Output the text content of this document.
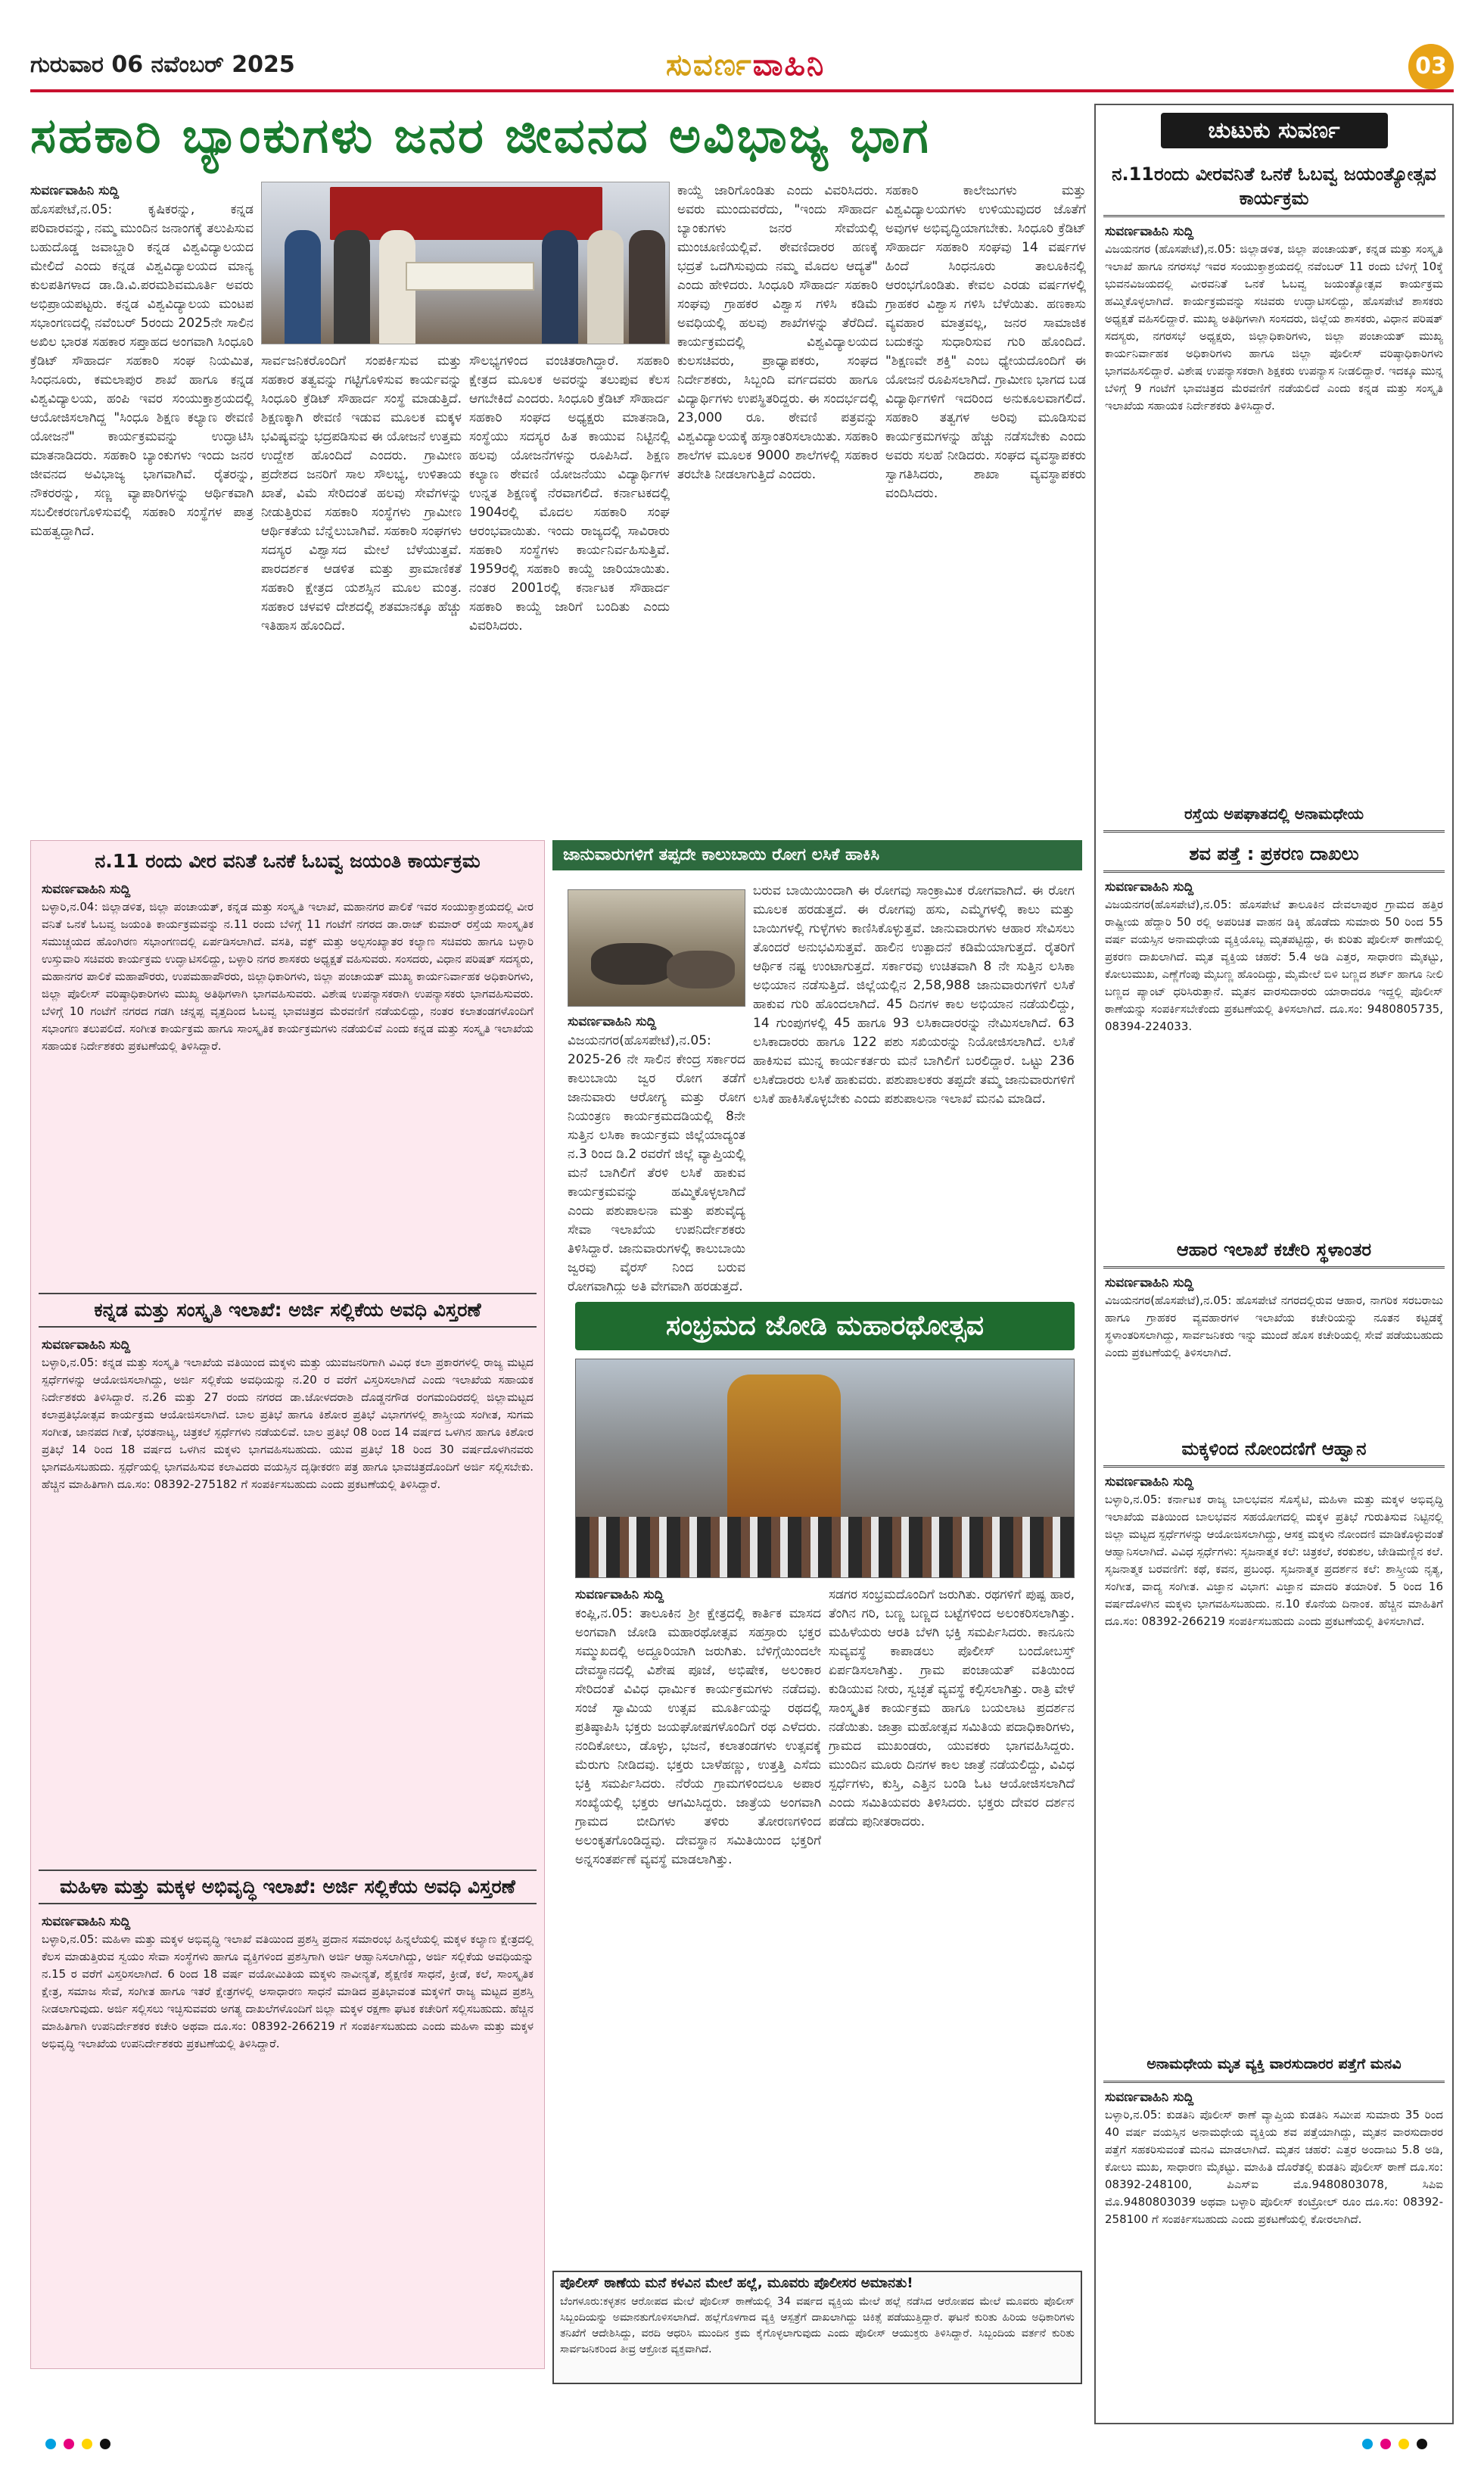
ಗುರುವಾರ 06 ನವೆಂಬರ್ 2025	ಸುವರ್ಣವಾಹಿನಿ	03
ಸಹಕಾರಿ ಬ್ಯಾಂಕುಗಳು ಜನರ ಜೀವನದ ಅವಿಭಾಜ್ಯ ಭಾಗ
ಸುವರ್ಣವಾಹಿನಿ ಸುದ್ದಿ
ಹೊಸಪೇಟೆ,ನ.05: ಕೃಷಿಕರನ್ನು, ಕನ್ನಡ ಪರಿವಾರವನ್ನು, ನಮ್ಮ ಮುಂದಿನ ಜನಾಂಗಕ್ಕೆ ತಲುಪಿಸುವ ಬಹುದೊಡ್ಡ ಜವಾಬ್ದಾರಿ ಕನ್ನಡ ವಿಶ್ವವಿದ್ಯಾಲಯದ ಮೇಲಿದೆ ಎಂದು ಕನ್ನಡ ವಿಶ್ವವಿದ್ಯಾಲಯದ ಮಾನ್ಯ ಕುಲಪತಿಗಳಾದ ಡಾ.ಡಿ.ವಿ.ಪರಮಶಿವಮೂರ್ತಿ ಅವರು ಅಭಿಪ್ರಾಯಪಟ್ಟರು. ಕನ್ನಡ ವಿಶ್ವವಿದ್ಯಾಲಯ ಮಂಟಪ ಸಭಾಂಗಣದಲ್ಲಿ ನವೆಂಬರ್ 5ರಂದು 2025ನೇ ಸಾಲಿನ ಅಖಿಲ ಭಾರತ ಸಹಕಾರ ಸಪ್ತಾಹದ ಅಂಗವಾಗಿ ಸಿಂಧೂರಿ ಕ್ರೆಡಿಟ್ ಸೌಹಾರ್ದ ಸಹಕಾರಿ ಸಂಘ ನಿಯಮಿತ, ಸಿಂಧನೂರು, ಕಮಲಾಪುರ ಶಾಖೆ ಹಾಗೂ ಕನ್ನಡ ವಿಶ್ವವಿದ್ಯಾಲಯ, ಹಂಪಿ ಇವರ ಸಂಯುಕ್ತಾಶ್ರಯದಲ್ಲಿ ಆಯೋಜಿಸಲಾಗಿದ್ದ "ಸಿಂಧೂ ಶಿಕ್ಷಣ ಕಲ್ಯಾಣ ಠೇವಣಿ ಯೋಜನೆ" ಕಾರ್ಯಕ್ರಮವನ್ನು ಉದ್ಘಾಟಿಸಿ ಮಾತನಾಡಿದರು. ಸಹಕಾರಿ ಬ್ಯಾಂಕುಗಳು ಇಂದು ಜನರ ಜೀವನದ ಅವಿಭಾಜ್ಯ ಭಾಗವಾಗಿವೆ. ರೈತರನ್ನು, ನೌಕರರನ್ನು, ಸಣ್ಣ ವ್ಯಾಪಾರಿಗಳನ್ನು ಆರ್ಥಿಕವಾಗಿ ಸಬಲೀಕರಣಗೊಳಿಸುವಲ್ಲಿ ಸಹಕಾರಿ ಸಂಸ್ಥೆಗಳ ಪಾತ್ರ ಮಹತ್ವದ್ದಾಗಿದೆ.
ಸಾರ್ವಜನಿಕರೊಂದಿಗೆ ಸಂಪರ್ಕಿಸುವ ಮತ್ತು ಸಹಕಾರ ತತ್ವವನ್ನು ಗಟ್ಟಿಗೊಳಿಸುವ ಕಾರ್ಯವನ್ನು ಸಿಂಧೂರಿ ಕ್ರೆಡಿಟ್ ಸೌಹಾರ್ದ ಸಂಸ್ಥೆ ಮಾಡುತ್ತಿದೆ. ಶಿಕ್ಷಣಕ್ಕಾಗಿ ಠೇವಣಿ ಇಡುವ ಮೂಲಕ ಮಕ್ಕಳ ಭವಿಷ್ಯವನ್ನು ಭದ್ರಪಡಿಸುವ ಈ ಯೋಜನೆ ಉತ್ತಮ ಉದ್ದೇಶ ಹೊಂದಿದೆ ಎಂದರು. ಗ್ರಾಮೀಣ ಪ್ರದೇಶದ ಜನರಿಗೆ ಸಾಲ ಸೌಲಭ್ಯ, ಉಳಿತಾಯ ಖಾತೆ, ವಿಮೆ ಸೇರಿದಂತೆ ಹಲವು ಸೇವೆಗಳನ್ನು ನೀಡುತ್ತಿರುವ ಸಹಕಾರಿ ಸಂಸ್ಥೆಗಳು ಗ್ರಾಮೀಣ ಆರ್ಥಿಕತೆಯ ಬೆನ್ನೆಲುಬಾಗಿವೆ. ಸಹಕಾರಿ ಸಂಘಗಳು ಸದಸ್ಯರ ವಿಶ್ವಾಸದ ಮೇಲೆ ಬೆಳೆಯುತ್ತವೆ. ಪಾರದರ್ಶಕ ಆಡಳಿತ ಮತ್ತು ಪ್ರಾಮಾಣಿಕತೆ ಸಹಕಾರಿ ಕ್ಷೇತ್ರದ ಯಶಸ್ಸಿನ ಮೂಲ ಮಂತ್ರ. ಸಹಕಾರ ಚಳವಳಿ ದೇಶದಲ್ಲಿ ಶತಮಾನಕ್ಕೂ ಹೆಚ್ಚು ಇತಿಹಾಸ ಹೊಂದಿದೆ.
ಸೌಲಭ್ಯಗಳಿಂದ ವಂಚಿತರಾಗಿದ್ದಾರೆ. ಸಹಕಾರಿ ಕ್ಷೇತ್ರದ ಮೂಲಕ ಅವರನ್ನು ತಲುಪುವ ಕೆಲಸ ಆಗಬೇಕಿದೆ ಎಂದರು. ಸಿಂಧೂರಿ ಕ್ರೆಡಿಟ್ ಸೌಹಾರ್ದ ಸಹಕಾರಿ ಸಂಘದ ಅಧ್ಯಕ್ಷರು ಮಾತನಾಡಿ, ಸಂಸ್ಥೆಯು ಸದಸ್ಯರ ಹಿತ ಕಾಯುವ ನಿಟ್ಟಿನಲ್ಲಿ ಹಲವು ಯೋಜನೆಗಳನ್ನು ರೂಪಿಸಿದೆ. ಶಿಕ್ಷಣ ಕಲ್ಯಾಣ ಠೇವಣಿ ಯೋಜನೆಯು ವಿದ್ಯಾರ್ಥಿಗಳ ಉನ್ನತ ಶಿಕ್ಷಣಕ್ಕೆ ನೆರವಾಗಲಿದೆ. ಕರ್ನಾಟಕದಲ್ಲಿ 1904ರಲ್ಲಿ ಮೊದಲ ಸಹಕಾರಿ ಸಂಘ ಆರಂಭವಾಯಿತು. ಇಂದು ರಾಜ್ಯದಲ್ಲಿ ಸಾವಿರಾರು ಸಹಕಾರಿ ಸಂಸ್ಥೆಗಳು ಕಾರ್ಯನಿರ್ವಹಿಸುತ್ತಿವೆ. 1959ರಲ್ಲಿ ಸಹಕಾರಿ ಕಾಯ್ದೆ ಜಾರಿಯಾಯಿತು. ನಂತರ 2001ರಲ್ಲಿ ಕರ್ನಾಟಕ ಸೌಹಾರ್ದ ಸಹಕಾರಿ ಕಾಯ್ದೆ ಜಾರಿಗೆ ಬಂದಿತು ಎಂದು ವಿವರಿಸಿದರು.
ಕಾಯ್ದೆ ಜಾರಿಗೊಂಡಿತು ಎಂದು ವಿವರಿಸಿದರು. ಅವರು ಮುಂದುವರೆದು, "ಇಂದು ಸೌಹಾರ್ದ ಬ್ಯಾಂಕುಗಳು ಜನರ ಸೇವೆಯಲ್ಲಿ ಮುಂಚೂಣಿಯಲ್ಲಿವೆ. ಠೇವಣಿದಾರರ ಹಣಕ್ಕೆ ಭದ್ರತೆ ಒದಗಿಸುವುದು ನಮ್ಮ ಮೊದಲ ಆದ್ಯತೆ" ಎಂದು ಹೇಳಿದರು. ಸಿಂಧೂರಿ ಸೌಹಾರ್ದ ಸಹಕಾರಿ ಸಂಘವು ಗ್ರಾಹಕರ ವಿಶ್ವಾಸ ಗಳಿಸಿ ಕಡಿಮೆ ಅವಧಿಯಲ್ಲಿ ಹಲವು ಶಾಖೆಗಳನ್ನು ತೆರೆದಿದೆ. ಕಾರ್ಯಕ್ರಮದಲ್ಲಿ ವಿಶ್ವವಿದ್ಯಾಲಯದ ಕುಲಸಚಿವರು, ಪ್ರಾಧ್ಯಾಪಕರು, ಸಂಘದ ನಿರ್ದೇಶಕರು, ಸಿಬ್ಬಂದಿ ವರ್ಗದವರು ಹಾಗೂ ವಿದ್ಯಾರ್ಥಿಗಳು ಉಪಸ್ಥಿತರಿದ್ದರು. ಈ ಸಂದರ್ಭದಲ್ಲಿ 23,000 ರೂ. ಠೇವಣಿ ಪತ್ರವನ್ನು ವಿಶ್ವವಿದ್ಯಾಲಯಕ್ಕೆ ಹಸ್ತಾಂತರಿಸಲಾಯಿತು. ಸಹಕಾರಿ ಶಾಲೆಗಳ ಮೂಲಕ 9000 ಶಾಲೆಗಳಲ್ಲಿ ಸಹಕಾರ ತರಬೇತಿ ನೀಡಲಾಗುತ್ತಿದೆ ಎಂದರು.
ಸಹಕಾರಿ ಕಾಲೇಜುಗಳು ಮತ್ತು ವಿಶ್ವವಿದ್ಯಾಲಯಗಳು ಉಳಿಯುವುದರ ಜೊತೆಗೆ ಅವುಗಳ ಅಭಿವೃದ್ಧಿಯಾಗಬೇಕು. ಸಿಂಧೂರಿ ಕ್ರೆಡಿಟ್ ಸೌಹಾರ್ದ ಸಹಕಾರಿ ಸಂಘವು 14 ವರ್ಷಗಳ ಹಿಂದೆ ಸಿಂಧನೂರು ತಾಲೂಕಿನಲ್ಲಿ ಆರಂಭಗೊಂಡಿತು. ಕೇವಲ ಎರಡು ವರ್ಷಗಳಲ್ಲಿ ಗ್ರಾಹಕರ ವಿಶ್ವಾಸ ಗಳಿಸಿ ಬೆಳೆಯಿತು. ಹಣಕಾಸು ವ್ಯವಹಾರ ಮಾತ್ರವಲ್ಲ, ಜನರ ಸಾಮಾಜಿಕ ಬದುಕನ್ನು ಸುಧಾರಿಸುವ ಗುರಿ ಹೊಂದಿದೆ. "ಶಿಕ್ಷಣವೇ ಶಕ್ತಿ" ಎಂಬ ಧ್ಯೇಯದೊಂದಿಗೆ ಈ ಯೋಜನೆ ರೂಪಿಸಲಾಗಿದೆ. ಗ್ರಾಮೀಣ ಭಾಗದ ಬಡ ವಿದ್ಯಾರ್ಥಿಗಳಿಗೆ ಇದರಿಂದ ಅನುಕೂಲವಾಗಲಿದೆ. ಸಹಕಾರಿ ತತ್ವಗಳ ಅರಿವು ಮೂಡಿಸುವ ಕಾರ್ಯಕ್ರಮಗಳನ್ನು ಹೆಚ್ಚು ನಡೆಸಬೇಕು ಎಂದು ಅವರು ಸಲಹೆ ನೀಡಿದರು. ಸಂಘದ ವ್ಯವಸ್ಥಾಪಕರು ಸ್ವಾಗತಿಸಿದರು, ಶಾಖಾ ವ್ಯವಸ್ಥಾಪಕರು ವಂದಿಸಿದರು.
ಚುಟುಕು ಸುವರ್ಣ
ನ.11ರಂದು ವೀರವನಿತೆ ಒನಕೆ ಓಬವ್ವ ಜಯಂತ್ಯೋತ್ಸವ ಕಾರ್ಯಕ್ರಮ
ಸುವರ್ಣವಾಹಿನಿ ಸುದ್ದಿ
ವಿಜಯನಗರ (ಹೊಸಪೇಟೆ),ನ.05: ಜಿಲ್ಲಾಡಳಿತ, ಜಿಲ್ಲಾ ಪಂಚಾಯತ್, ಕನ್ನಡ ಮತ್ತು ಸಂಸ್ಕೃತಿ ಇಲಾಖೆ ಹಾಗೂ ನಗರಸಭೆ ಇವರ ಸಂಯುಕ್ತಾಶ್ರಯದಲ್ಲಿ ನವೆಂಬರ್ 11 ರಂದು ಬೆಳಿಗ್ಗೆ 10ಕ್ಕೆ ಭುವನವಿಜಯದಲ್ಲಿ ವೀರವನಿತೆ ಒನಕೆ ಓಬವ್ವ ಜಯಂತ್ಯೋತ್ಸವ ಕಾರ್ಯಕ್ರಮ ಹಮ್ಮಿಕೊಳ್ಳಲಾಗಿದೆ. ಕಾರ್ಯಕ್ರಮವನ್ನು ಸಚಿವರು ಉದ್ಘಾಟಿಸಲಿದ್ದು, ಹೊಸಪೇಟೆ ಶಾಸಕರು ಅಧ್ಯಕ್ಷತೆ ವಹಿಸಲಿದ್ದಾರೆ. ಮುಖ್ಯ ಅತಿಥಿಗಳಾಗಿ ಸಂಸದರು, ಜಿಲ್ಲೆಯ ಶಾಸಕರು, ವಿಧಾನ ಪರಿಷತ್ ಸದಸ್ಯರು, ನಗರಸಭೆ ಅಧ್ಯಕ್ಷರು, ಜಿಲ್ಲಾಧಿಕಾರಿಗಳು, ಜಿಲ್ಲಾ ಪಂಚಾಯತ್ ಮುಖ್ಯ ಕಾರ್ಯನಿರ್ವಾಹಕ ಅಧಿಕಾರಿಗಳು ಹಾಗೂ ಜಿಲ್ಲಾ ಪೊಲೀಸ್ ವರಿಷ್ಠಾಧಿಕಾರಿಗಳು ಭಾಗವಹಿಸಲಿದ್ದಾರೆ. ವಿಶೇಷ ಉಪನ್ಯಾಸಕರಾಗಿ ಶಿಕ್ಷಕರು ಉಪನ್ಯಾಸ ನೀಡಲಿದ್ದಾರೆ. ಇದಕ್ಕೂ ಮುನ್ನ ಬೆಳಿಗ್ಗೆ 9 ಗಂಟೆಗೆ ಭಾವಚಿತ್ರದ ಮೆರವಣಿಗೆ ನಡೆಯಲಿದೆ ಎಂದು ಕನ್ನಡ ಮತ್ತು ಸಂಸ್ಕೃತಿ ಇಲಾಖೆಯ ಸಹಾಯಕ ನಿರ್ದೇಶಕರು ತಿಳಿಸಿದ್ದಾರೆ.
ರಸ್ತೆಯ ಅಪಘಾತದಲ್ಲಿ ಅನಾಮಧೇಯ
ಶವ ಪತ್ತೆ : ಪ್ರಕರಣ ದಾಖಲು
ಸುವರ್ಣವಾಹಿನಿ ಸುದ್ದಿ
ವಿಜಯನಗರ(ಹೊಸಪೇಟೆ),ನ.05: ಹೊಸಪೇಟೆ ತಾಲೂಕಿನ ದೇವಲಾಪುರ ಗ್ರಾಮದ ಹತ್ತಿರ ರಾಷ್ಟ್ರೀಯ ಹೆದ್ದಾರಿ 50 ರಲ್ಲಿ ಅಪರಿಚಿತ ವಾಹನ ಡಿಕ್ಕಿ ಹೊಡೆದು ಸುಮಾರು 50 ರಿಂದ 55 ವರ್ಷ ವಯಸ್ಸಿನ ಅನಾಮಧೇಯ ವ್ಯಕ್ತಿಯೊಬ್ಬ ಮೃತಪಟ್ಟಿದ್ದು, ಈ ಕುರಿತು ಪೊಲೀಸ್ ಠಾಣೆಯಲ್ಲಿ ಪ್ರಕರಣ ದಾಖಲಾಗಿದೆ. ಮೃತ ವ್ಯಕ್ತಿಯ ಚಹರೆ: 5.4 ಅಡಿ ಎತ್ತರ, ಸಾಧಾರಣ ಮೈಕಟ್ಟು, ಕೋಲುಮುಖ, ಎಣ್ಣೆಗೆಂಪು ಮೈಬಣ್ಣ ಹೊಂದಿದ್ದು, ಮೈಮೇಲೆ ಬಿಳಿ ಬಣ್ಣದ ಶರ್ಟ್ ಹಾಗೂ ನೀಲಿ ಬಣ್ಣದ ಪ್ಯಾಂಟ್ ಧರಿಸಿರುತ್ತಾನೆ. ಮೃತನ ವಾರಸುದಾರರು ಯಾರಾದರೂ ಇದ್ದಲ್ಲಿ ಪೊಲೀಸ್ ಠಾಣೆಯನ್ನು ಸಂಪರ್ಕಿಸಬೇಕೆಂದು ಪ್ರಕಟಣೆಯಲ್ಲಿ ತಿಳಿಸಲಾಗಿದೆ. ದೂ.ಸಂ: 9480805735, 08394-224033.
ಆಹಾರ ಇಲಾಖೆ ಕಚೇರಿ ಸ್ಥಳಾಂತರ
ಸುವರ್ಣವಾಹಿನಿ ಸುದ್ದಿ
ವಿಜಯನಗರ(ಹೊಸಪೇಟೆ),ನ.05: ಹೊಸಪೇಟೆ ನಗರದಲ್ಲಿರುವ ಆಹಾರ, ನಾಗರಿಕ ಸರಬರಾಜು ಹಾಗೂ ಗ್ರಾಹಕರ ವ್ಯವಹಾರಗಳ ಇಲಾಖೆಯ ಕಚೇರಿಯನ್ನು ನೂತನ ಕಟ್ಟಡಕ್ಕೆ ಸ್ಥಳಾಂತರಿಸಲಾಗಿದ್ದು, ಸಾರ್ವಜನಿಕರು ಇನ್ನು ಮುಂದೆ ಹೊಸ ಕಚೇರಿಯಲ್ಲಿ ಸೇವೆ ಪಡೆಯಬಹುದು ಎಂದು ಪ್ರಕಟಣೆಯಲ್ಲಿ ತಿಳಿಸಲಾಗಿದೆ.
ಮಕ್ಕಳಿಂದ ನೋಂದಣಿಗೆ ಆಹ್ವಾನ
ಸುವರ್ಣವಾಹಿನಿ ಸುದ್ದಿ
ಬಳ್ಳಾರಿ,ನ.05: ಕರ್ನಾಟಕ ರಾಜ್ಯ ಬಾಲಭವನ ಸೊಸೈಟಿ, ಮಹಿಳಾ ಮತ್ತು ಮಕ್ಕಳ ಅಭಿವೃದ್ಧಿ ಇಲಾಖೆಯ ವತಿಯಿಂದ ಬಾಲಭವನ ಸಹಯೋಗದಲ್ಲಿ ಮಕ್ಕಳ ಪ್ರತಿಭೆ ಗುರುತಿಸುವ ನಿಟ್ಟಿನಲ್ಲಿ ಜಿಲ್ಲಾ ಮಟ್ಟದ ಸ್ಪರ್ಧೆಗಳನ್ನು ಆಯೋಜಿಸಲಾಗಿದ್ದು, ಆಸಕ್ತ ಮಕ್ಕಳು ನೋಂದಣಿ ಮಾಡಿಕೊಳ್ಳುವಂತೆ ಆಹ್ವಾನಿಸಲಾಗಿದೆ. ವಿವಿಧ ಸ್ಪರ್ಧೆಗಳು: ಸೃಜನಾತ್ಮಕ ಕಲೆ: ಚಿತ್ರಕಲೆ, ಕರಕುಶಲ, ಜೇಡಿಮಣ್ಣಿನ ಕಲೆ. ಸೃಜನಾತ್ಮಕ ಬರವಣಿಗೆ: ಕಥೆ, ಕವನ, ಪ್ರಬಂಧ. ಸೃಜನಾತ್ಮಕ ಪ್ರದರ್ಶನ ಕಲೆ: ಶಾಸ್ತ್ರೀಯ ನೃತ್ಯ, ಸಂಗೀತ, ವಾದ್ಯ ಸಂಗೀತ. ವಿಜ್ಞಾನ ವಿಭಾಗ: ವಿಜ್ಞಾನ ಮಾದರಿ ತಯಾರಿಕೆ. 5 ರಿಂದ 16 ವರ್ಷದೊಳಗಿನ ಮಕ್ಕಳು ಭಾಗವಹಿಸಬಹುದು. ನ.10 ಕೊನೆಯ ದಿನಾಂಕ. ಹೆಚ್ಚಿನ ಮಾಹಿತಿಗೆ ದೂ.ಸಂ: 08392-266219 ಸಂಪರ್ಕಿಸಬಹುದು ಎಂದು ಪ್ರಕಟಣೆಯಲ್ಲಿ ತಿಳಿಸಲಾಗಿದೆ.
ಅನಾಮಧೇಯ ಮೃತ ವ್ಯಕ್ತಿ ವಾರಸುದಾರರ ಪತ್ತೆಗೆ ಮನವಿ
ಸುವರ್ಣವಾಹಿನಿ ಸುದ್ದಿ
ಬಳ್ಳಾರಿ,ನ.05: ಕುಡತಿನಿ ಪೊಲೀಸ್ ಠಾಣೆ ವ್ಯಾಪ್ತಿಯ ಕುಡತಿನಿ ಸಮೀಪ ಸುಮಾರು 35 ರಿಂದ 40 ವರ್ಷ ವಯಸ್ಸಿನ ಅನಾಮಧೇಯ ವ್ಯಕ್ತಿಯ ಶವ ಪತ್ತೆಯಾಗಿದ್ದು, ಮೃತನ ವಾರಸುದಾರರ ಪತ್ತೆಗೆ ಸಹಕರಿಸುವಂತೆ ಮನವಿ ಮಾಡಲಾಗಿದೆ. ಮೃತನ ಚಹರೆ: ಎತ್ತರ ಅಂದಾಜು 5.8 ಅಡಿ, ಕೋಲು ಮುಖ, ಸಾಧಾರಣ ಮೈಕಟ್ಟು. ಮಾಹಿತಿ ದೊರೆತಲ್ಲಿ ಕುಡತಿನಿ ಪೊಲೀಸ್ ಠಾಣೆ ದೂ.ಸಂ: 08392-248100, ಪಿಎಸ್ಐ ಮೊ.9480803078, ಸಿಪಿಐ ಮೊ.9480803039 ಅಥವಾ ಬಳ್ಳಾರಿ ಪೊಲೀಸ್ ಕಂಟ್ರೋಲ್ ರೂಂ ದೂ.ಸಂ: 08392-258100 ಗೆ ಸಂಪರ್ಕಿಸಬಹುದು ಎಂದು ಪ್ರಕಟಣೆಯಲ್ಲಿ ಕೋರಲಾಗಿದೆ.
ನ.11 ರಂದು ವೀರ ವನಿತೆ ಒನಕೆ ಓಬವ್ವ ಜಯಂತಿ ಕಾರ್ಯಕ್ರಮ
ಸುವರ್ಣವಾಹಿನಿ ಸುದ್ದಿ
ಬಳ್ಳಾರಿ,ನ.04: ಜಿಲ್ಲಾಡಳಿತ, ಜಿಲ್ಲಾ ಪಂಚಾಯತ್, ಕನ್ನಡ ಮತ್ತು ಸಂಸ್ಕೃತಿ ಇಲಾಖೆ, ಮಹಾನಗರ ಪಾಲಿಕೆ ಇವರ ಸಂಯುಕ್ತಾಶ್ರಯದಲ್ಲಿ ವೀರ ವನಿತೆ ಒನಕೆ ಓಬವ್ವ ಜಯಂತಿ ಕಾರ್ಯಕ್ರಮವನ್ನು ನ.11 ರಂದು ಬೆಳಿಗ್ಗೆ 11 ಗಂಟೆಗೆ ನಗರದ ಡಾ.ರಾಜ್ ಕುಮಾರ್ ರಸ್ತೆಯ ಸಾಂಸ್ಕೃತಿಕ ಸಮುಚ್ಚಯದ ಹೊಂಗಿರಣ ಸಭಾಂಗಣದಲ್ಲಿ ಏರ್ಪಡಿಸಲಾಗಿದೆ. ವಸತಿ, ವಕ್ಫ್ ಮತ್ತು ಅಲ್ಪಸಂಖ್ಯಾತರ ಕಲ್ಯಾಣ ಸಚಿವರು ಹಾಗೂ ಬಳ್ಳಾರಿ ಉಸ್ತುವಾರಿ ಸಚಿವರು ಕಾರ್ಯಕ್ರಮ ಉದ್ಘಾಟಿಸಲಿದ್ದು, ಬಳ್ಳಾರಿ ನಗರ ಶಾಸಕರು ಅಧ್ಯಕ್ಷತೆ ವಹಿಸುವರು. ಸಂಸದರು, ವಿಧಾನ ಪರಿಷತ್ ಸದಸ್ಯರು, ಮಹಾನಗರ ಪಾಲಿಕೆ ಮಹಾಪೌರರು, ಉಪಮಹಾಪೌರರು, ಜಿಲ್ಲಾಧಿಕಾರಿಗಳು, ಜಿಲ್ಲಾ ಪಂಚಾಯತ್ ಮುಖ್ಯ ಕಾರ್ಯನಿರ್ವಾಹಕ ಅಧಿಕಾರಿಗಳು, ಜಿಲ್ಲಾ ಪೊಲೀಸ್ ವರಿಷ್ಠಾಧಿಕಾರಿಗಳು ಮುಖ್ಯ ಅತಿಥಿಗಳಾಗಿ ಭಾಗವಹಿಸುವರು. ವಿಶೇಷ ಉಪನ್ಯಾಸಕರಾಗಿ ಉಪನ್ಯಾಸಕರು ಭಾಗವಹಿಸುವರು. ಬೆಳಿಗ್ಗೆ 10 ಗಂಟೆಗೆ ನಗರದ ಗಡಗಿ ಚನ್ನಪ್ಪ ವೃತ್ತದಿಂದ ಓಬವ್ವ ಭಾವಚಿತ್ರದ ಮೆರವಣಿಗೆ ನಡೆಯಲಿದ್ದು, ನಂತರ ಕಲಾತಂಡಗಳೊಂದಿಗೆ ಸಭಾಂಗಣ ತಲುಪಲಿದೆ. ಸಂಗೀತ ಕಾರ್ಯಕ್ರಮ ಹಾಗೂ ಸಾಂಸ್ಕೃತಿಕ ಕಾರ್ಯಕ್ರಮಗಳು ನಡೆಯಲಿವೆ ಎಂದು ಕನ್ನಡ ಮತ್ತು ಸಂಸ್ಕೃತಿ ಇಲಾಖೆಯ ಸಹಾಯಕ ನಿರ್ದೇಶಕರು ಪ್ರಕಟಣೆಯಲ್ಲಿ ತಿಳಿಸಿದ್ದಾರೆ.
ಕನ್ನಡ ಮತ್ತು ಸಂಸ್ಕೃತಿ ಇಲಾಖೆ: ಅರ್ಜಿ ಸಲ್ಲಿಕೆಯ ಅವಧಿ ವಿಸ್ತರಣೆ
ಸುವರ್ಣವಾಹಿನಿ ಸುದ್ದಿ
ಬಳ್ಳಾರಿ,ನ.05: ಕನ್ನಡ ಮತ್ತು ಸಂಸ್ಕೃತಿ ಇಲಾಖೆಯ ವತಿಯಿಂದ ಮಕ್ಕಳು ಮತ್ತು ಯುವಜನರಿಗಾಗಿ ವಿವಿಧ ಕಲಾ ಪ್ರಕಾರಗಳಲ್ಲಿ ರಾಜ್ಯ ಮಟ್ಟದ ಸ್ಪರ್ಧೆಗಳನ್ನು ಆಯೋಜಿಸಲಾಗಿದ್ದು, ಅರ್ಜಿ ಸಲ್ಲಿಕೆಯ ಅವಧಿಯನ್ನು ನ.20 ರ ವರೆಗೆ ವಿಸ್ತರಿಸಲಾಗಿದೆ ಎಂದು ಇಲಾಖೆಯ ಸಹಾಯಕ ನಿರ್ದೇಶಕರು ತಿಳಿಸಿದ್ದಾರೆ. ನ.26 ಮತ್ತು 27 ರಂದು ನಗರದ ಡಾ.ಜೋಳದರಾಶಿ ದೊಡ್ಡನಗೌಡ ರಂಗಮಂದಿರದಲ್ಲಿ ಜಿಲ್ಲಾಮಟ್ಟದ ಕಲಾಪ್ರತಿಭೋತ್ಸವ ಕಾರ್ಯಕ್ರಮ ಆಯೋಜಿಸಲಾಗಿದೆ. ಬಾಲ ಪ್ರತಿಭೆ ಹಾಗೂ ಕಿಶೋರ ಪ್ರತಿಭೆ ವಿಭಾಗಗಳಲ್ಲಿ ಶಾಸ್ತ್ರೀಯ ಸಂಗೀತ, ಸುಗಮ ಸಂಗೀತ, ಜಾನಪದ ಗೀತೆ, ಭರತನಾಟ್ಯ, ಚಿತ್ರಕಲೆ ಸ್ಪರ್ಧೆಗಳು ನಡೆಯಲಿವೆ. ಬಾಲ ಪ್ರತಿಭೆ 08 ರಿಂದ 14 ವರ್ಷದ ಒಳಗಿನ ಹಾಗೂ ಕಿಶೋರ ಪ್ರತಿಭೆ 14 ರಿಂದ 18 ವರ್ಷದ ಒಳಗಿನ ಮಕ್ಕಳು ಭಾಗವಹಿಸಬಹುದು. ಯುವ ಪ್ರತಿಭೆ 18 ರಿಂದ 30 ವರ್ಷದೊಳಗಿನವರು ಭಾಗವಹಿಸಬಹುದು. ಸ್ಪರ್ಧೆಯಲ್ಲಿ ಭಾಗವಹಿಸುವ ಕಲಾವಿದರು ವಯಸ್ಸಿನ ದೃಢೀಕರಣ ಪತ್ರ ಹಾಗೂ ಭಾವಚಿತ್ರದೊಂದಿಗೆ ಅರ್ಜಿ ಸಲ್ಲಿಸಬೇಕು. ಹೆಚ್ಚಿನ ಮಾಹಿತಿಗಾಗಿ ದೂ.ಸಂ: 08392-275182 ಗೆ ಸಂಪರ್ಕಿಸಬಹುದು ಎಂದು ಪ್ರಕಟಣೆಯಲ್ಲಿ ತಿಳಿಸಿದ್ದಾರೆ.
ಮಹಿಳಾ ಮತ್ತು ಮಕ್ಕಳ ಅಭಿವೃದ್ಧಿ ಇಲಾಖೆ: ಅರ್ಜಿ ಸಲ್ಲಿಕೆಯ ಅವಧಿ ವಿಸ್ತರಣೆ
ಸುವರ್ಣವಾಹಿನಿ ಸುದ್ದಿ
ಬಳ್ಳಾರಿ,ನ.05: ಮಹಿಳಾ ಮತ್ತು ಮಕ್ಕಳ ಅಭಿವೃದ್ಧಿ ಇಲಾಖೆ ವತಿಯಿಂದ ಪ್ರಶಸ್ತಿ ಪ್ರದಾನ ಸಮಾರಂಭ ಹಿನ್ನಲೆಯಲ್ಲಿ ಮಕ್ಕಳ ಕಲ್ಯಾಣ ಕ್ಷೇತ್ರದಲ್ಲಿ ಕೆಲಸ ಮಾಡುತ್ತಿರುವ ಸ್ವಯಂ ಸೇವಾ ಸಂಸ್ಥೆಗಳು ಹಾಗೂ ವ್ಯಕ್ತಿಗಳಿಂದ ಪ್ರಶಸ್ತಿಗಾಗಿ ಅರ್ಜಿ ಆಹ್ವಾನಿಸಲಾಗಿದ್ದು, ಅರ್ಜಿ ಸಲ್ಲಿಕೆಯ ಅವಧಿಯನ್ನು ನ.15 ರ ವರೆಗೆ ವಿಸ್ತರಿಸಲಾಗಿದೆ. 6 ರಿಂದ 18 ವರ್ಷ ವಯೋಮಿತಿಯ ಮಕ್ಕಳು ನಾವೀನ್ಯತೆ, ಶೈಕ್ಷಣಿಕ ಸಾಧನೆ, ಕ್ರೀಡೆ, ಕಲೆ, ಸಾಂಸ್ಕೃತಿಕ ಕ್ಷೇತ್ರ, ಸಮಾಜ ಸೇವೆ, ಸಂಗೀತ ಹಾಗೂ ಇತರೆ ಕ್ಷೇತ್ರಗಳಲ್ಲಿ ಅಸಾಧಾರಣ ಸಾಧನೆ ಮಾಡಿದ ಪ್ರತಿಭಾವಂತ ಮಕ್ಕಳಿಗೆ ರಾಜ್ಯ ಮಟ್ಟದ ಪ್ರಶಸ್ತಿ ನೀಡಲಾಗುವುದು. ಅರ್ಜಿ ಸಲ್ಲಿಸಲು ಇಚ್ಛಿಸುವವರು ಅಗತ್ಯ ದಾಖಲೆಗಳೊಂದಿಗೆ ಜಿಲ್ಲಾ ಮಕ್ಕಳ ರಕ್ಷಣಾ ಘಟಕ ಕಚೇರಿಗೆ ಸಲ್ಲಿಸಬಹುದು. ಹೆಚ್ಚಿನ ಮಾಹಿತಿಗಾಗಿ ಉಪನಿರ್ದೇಶಕರ ಕಚೇರಿ ಅಥವಾ ದೂ.ಸಂ: 08392-266219 ಗೆ ಸಂಪರ್ಕಿಸಬಹುದು ಎಂದು ಮಹಿಳಾ ಮತ್ತು ಮಕ್ಕಳ ಅಭಿವೃದ್ಧಿ ಇಲಾಖೆಯ ಉಪನಿರ್ದೇಶಕರು ಪ್ರಕಟಣೆಯಲ್ಲಿ ತಿಳಿಸಿದ್ದಾರೆ.
ಜಾನುವಾರುಗಳಿಗೆ ತಪ್ಪದೇ ಕಾಲುಬಾಯಿ ರೋಗ ಲಸಿಕೆ ಹಾಕಿಸಿ
ಸುವರ್ಣವಾಹಿನಿ ಸುದ್ದಿ
ವಿಜಯನಗರ(ಹೊಸಪೇಟೆ),ನ.05: 2025-26 ನೇ ಸಾಲಿನ ಕೇಂದ್ರ ಸರ್ಕಾರದ ಕಾಲುಬಾಯಿ ಜ್ವರ ರೋಗ ತಡೆಗೆ ಜಾನುವಾರು ಆರೋಗ್ಯ ಮತ್ತು ರೋಗ ನಿಯಂತ್ರಣ ಕಾರ್ಯಕ್ರಮದಡಿಯಲ್ಲಿ 8ನೇ ಸುತ್ತಿನ ಲಸಿಕಾ ಕಾರ್ಯಕ್ರಮ ಜಿಲ್ಲೆಯಾದ್ಯಂತ ನ.3 ರಿಂದ ಡಿ.2 ರವರೆಗೆ ಜಿಲ್ಲೆ ವ್ಯಾಪ್ತಿಯಲ್ಲಿ ಮನೆ ಬಾಗಿಲಿಗೆ ತೆರಳಿ ಲಸಿಕೆ ಹಾಕುವ ಕಾರ್ಯಕ್ರಮವನ್ನು ಹಮ್ಮಿಕೊಳ್ಳಲಾಗಿದೆ ಎಂದು ಪಶುಪಾಲನಾ ಮತ್ತು ಪಶುವೈದ್ಯ ಸೇವಾ ಇಲಾಖೆಯ ಉಪನಿರ್ದೇಶಕರು ತಿಳಿಸಿದ್ದಾರೆ. ಜಾನುವಾರುಗಳಲ್ಲಿ ಕಾಲುಬಾಯಿ ಜ್ವರವು ವೈರಸ್ ನಿಂದ ಬರುವ ರೋಗವಾಗಿದ್ದು ಅತಿ ವೇಗವಾಗಿ ಹರಡುತ್ತದೆ.
ಬರುವ ಬಾಯಿಯಿಂದಾಗಿ ಈ ರೋಗವು ಸಾಂಕ್ರಾಮಿಕ ರೋಗವಾಗಿದೆ. ಈ ರೋಗ ಮೂಲಕ ಹರಡುತ್ತದೆ. ಈ ರೋಗವು ಹಸು, ಎಮ್ಮೆಗಳಲ್ಲಿ ಕಾಲು ಮತ್ತು ಬಾಯಿಗಳಲ್ಲಿ ಗುಳ್ಳೆಗಳು ಕಾಣಿಸಿಕೊಳ್ಳುತ್ತವೆ. ಜಾನುವಾರುಗಳು ಆಹಾರ ಸೇವಿಸಲು ತೊಂದರೆ ಅನುಭವಿಸುತ್ತವೆ. ಹಾಲಿನ ಉತ್ಪಾದನೆ ಕಡಿಮೆಯಾಗುತ್ತದೆ. ರೈತರಿಗೆ ಆರ್ಥಿಕ ನಷ್ಟ ಉಂಟಾಗುತ್ತದೆ. ಸರ್ಕಾರವು ಉಚಿತವಾಗಿ 8 ನೇ ಸುತ್ತಿನ ಲಸಿಕಾ ಅಭಿಯಾನ ನಡೆಸುತ್ತಿದೆ. ಜಿಲ್ಲೆಯಲ್ಲಿನ 2,58,988 ಜಾನುವಾರುಗಳಿಗೆ ಲಸಿಕೆ ಹಾಕುವ ಗುರಿ ಹೊಂದಲಾಗಿದೆ. 45 ದಿನಗಳ ಕಾಲ ಅಭಿಯಾನ ನಡೆಯಲಿದ್ದು, 14 ಗುಂಪುಗಳಲ್ಲಿ 45 ಹಾಗೂ 93 ಲಸಿಕಾದಾರರನ್ನು ನೇಮಿಸಲಾಗಿದೆ. 63 ಲಸಿಕಾದಾರರು ಹಾಗೂ 122 ಪಶು ಸಖಿಯರನ್ನು ನಿಯೋಜಿಸಲಾಗಿದೆ. ಲಸಿಕೆ ಹಾಕಿಸುವ ಮುನ್ನ ಕಾರ್ಯಕರ್ತರು ಮನೆ ಬಾಗಿಲಿಗೆ ಬರಲಿದ್ದಾರೆ. ಒಟ್ಟು 236 ಲಸಿಕೆದಾರರು ಲಸಿಕೆ ಹಾಕುವರು. ಪಶುಪಾಲಕರು ತಪ್ಪದೇ ತಮ್ಮ ಜಾನುವಾರುಗಳಿಗೆ ಲಸಿಕೆ ಹಾಕಿಸಿಕೊಳ್ಳಬೇಕು ಎಂದು ಪಶುಪಾಲನಾ ಇಲಾಖೆ ಮನವಿ ಮಾಡಿದೆ.
ಸಂಭ್ರಮದ ಜೋಡಿ ಮಹಾರಥೋತ್ಸವ
ಸುವರ್ಣವಾಹಿನಿ ಸುದ್ದಿ
ಕಂಪ್ಲಿ,ನ.05: ತಾಲೂಕಿನ ಶ್ರೀ ಕ್ಷೇತ್ರದಲ್ಲಿ ಕಾರ್ತಿಕ ಮಾಸದ ಅಂಗವಾಗಿ ಜೋಡಿ ಮಹಾರಥೋತ್ಸವ ಸಹಸ್ರಾರು ಭಕ್ತರ ಸಮ್ಮುಖದಲ್ಲಿ ಅದ್ದೂರಿಯಾಗಿ ಜರುಗಿತು. ಬೆಳಿಗ್ಗೆಯಿಂದಲೇ ದೇವಸ್ಥಾನದಲ್ಲಿ ವಿಶೇಷ ಪೂಜೆ, ಅಭಿಷೇಕ, ಅಲಂಕಾರ ಸೇರಿದಂತೆ ವಿವಿಧ ಧಾರ್ಮಿಕ ಕಾರ್ಯಕ್ರಮಗಳು ನಡೆದವು. ಸಂಜೆ ಸ್ವಾಮಿಯ ಉತ್ಸವ ಮೂರ್ತಿಯನ್ನು ರಥದಲ್ಲಿ ಪ್ರತಿಷ್ಠಾಪಿಸಿ ಭಕ್ತರು ಜಯಘೋಷಗಳೊಂದಿಗೆ ರಥ ಎಳೆದರು. ನಂದಿಕೋಲು, ಡೊಳ್ಳು, ಭಜನೆ, ಕಲಾತಂಡಗಳು ಉತ್ಸವಕ್ಕೆ ಮೆರುಗು ನೀಡಿದವು. ಭಕ್ತರು ಬಾಳೆಹಣ್ಣು, ಉತ್ತತ್ತಿ ಎಸೆದು ಭಕ್ತಿ ಸಮರ್ಪಿಸಿದರು. ನೆರೆಯ ಗ್ರಾಮಗಳಿಂದಲೂ ಅಪಾರ ಸಂಖ್ಯೆಯಲ್ಲಿ ಭಕ್ತರು ಆಗಮಿಸಿದ್ದರು. ಜಾತ್ರೆಯ ಅಂಗವಾಗಿ ಗ್ರಾಮದ ಬೀದಿಗಳು ತಳಿರು ತೋರಣಗಳಿಂದ ಅಲಂಕೃತಗೊಂಡಿದ್ದವು. ದೇವಸ್ಥಾನ ಸಮಿತಿಯಿಂದ ಭಕ್ತರಿಗೆ ಅನ್ನಸಂತರ್ಪಣೆ ವ್ಯವಸ್ಥೆ ಮಾಡಲಾಗಿತ್ತು.
ಸಡಗರ ಸಂಭ್ರಮದೊಂದಿಗೆ ಜರುಗಿತು. ರಥಗಳಿಗೆ ಪುಷ್ಪ ಹಾರ, ತೆಂಗಿನ ಗರಿ, ಬಣ್ಣ ಬಣ್ಣದ ಬಟ್ಟೆಗಳಿಂದ ಅಲಂಕರಿಸಲಾಗಿತ್ತು. ಮಹಿಳೆಯರು ಆರತಿ ಬೆಳಗಿ ಭಕ್ತಿ ಸಮರ್ಪಿಸಿದರು. ಕಾನೂನು ಸುವ್ಯವಸ್ಥೆ ಕಾಪಾಡಲು ಪೊಲೀಸ್ ಬಂದೋಬಸ್ತ್ ಏರ್ಪಡಿಸಲಾಗಿತ್ತು. ಗ್ರಾಮ ಪಂಚಾಯತ್ ವತಿಯಿಂದ ಕುಡಿಯುವ ನೀರು, ಸ್ವಚ್ಛತೆ ವ್ಯವಸ್ಥೆ ಕಲ್ಪಿಸಲಾಗಿತ್ತು. ರಾತ್ರಿ ವೇಳೆ ಸಾಂಸ್ಕೃತಿಕ ಕಾರ್ಯಕ್ರಮ ಹಾಗೂ ಬಯಲಾಟ ಪ್ರದರ್ಶನ ನಡೆಯಿತು. ಜಾತ್ರಾ ಮಹೋತ್ಸವ ಸಮಿತಿಯ ಪದಾಧಿಕಾರಿಗಳು, ಗ್ರಾಮದ ಮುಖಂಡರು, ಯುವಕರು ಭಾಗವಹಿಸಿದ್ದರು. ಮುಂದಿನ ಮೂರು ದಿನಗಳ ಕಾಲ ಜಾತ್ರೆ ನಡೆಯಲಿದ್ದು, ವಿವಿಧ ಸ್ಪರ್ಧೆಗಳು, ಕುಸ್ತಿ, ಎತ್ತಿನ ಬಂಡಿ ಓಟ ಆಯೋಜಿಸಲಾಗಿದೆ ಎಂದು ಸಮಿತಿಯವರು ತಿಳಿಸಿದರು. ಭಕ್ತರು ದೇವರ ದರ್ಶನ ಪಡೆದು ಪುನೀತರಾದರು.
ಪೊಲೀಸ್ ಠಾಣೆಯ ಮನೆ ಕಳವಿನ ಮೇಲೆ ಹಲ್ಲೆ, ಮೂವರು ಪೊಲೀಸರ ಅಮಾನತು!
ಬೆಂಗಳೂರು:ಕಳ್ಳತನ ಆರೋಪದ ಮೇಲೆ ಪೊಲೀಸ್ ಠಾಣೆಯಲ್ಲಿ 34 ವರ್ಷದ ವ್ಯಕ್ತಿಯ ಮೇಲೆ ಹಲ್ಲೆ ನಡೆಸಿದ ಆರೋಪದ ಮೇಲೆ ಮೂವರು ಪೊಲೀಸ್ ಸಿಬ್ಬಂದಿಯನ್ನು ಅಮಾನತುಗೊಳಿಸಲಾಗಿದೆ. ಹಲ್ಲೆಗೊಳಗಾದ ವ್ಯಕ್ತಿ ಆಸ್ಪತ್ರೆಗೆ ದಾಖಲಾಗಿದ್ದು ಚಿಕಿತ್ಸೆ ಪಡೆಯುತ್ತಿದ್ದಾರೆ. ಘಟನೆ ಕುರಿತು ಹಿರಿಯ ಅಧಿಕಾರಿಗಳು ತನಿಖೆಗೆ ಆದೇಶಿಸಿದ್ದು, ವರದಿ ಆಧರಿಸಿ ಮುಂದಿನ ಕ್ರಮ ಕೈಗೊಳ್ಳಲಾಗುವುದು ಎಂದು ಪೊಲೀಸ್ ಆಯುಕ್ತರು ತಿಳಿಸಿದ್ದಾರೆ. ಸಿಬ್ಬಂದಿಯ ವರ್ತನೆ ಕುರಿತು ಸಾರ್ವಜನಿಕರಿಂದ ತೀವ್ರ ಆಕ್ರೋಶ ವ್ಯಕ್ತವಾಗಿದೆ.
